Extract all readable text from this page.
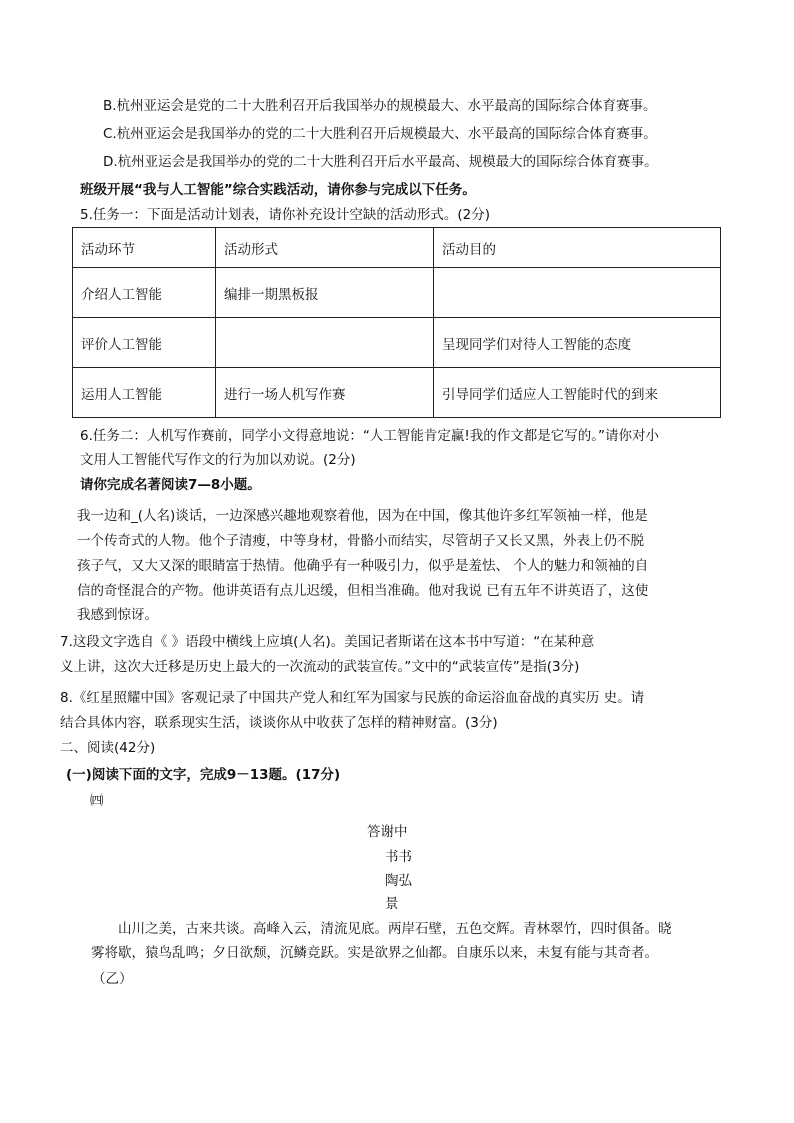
B.杭州亚运会是党的二十大胜利召开后我国举办的规模最大、水平最高的国际综合体育赛事。
C.杭州亚运会是我国举办的党的二十大胜利召开后规模最大、水平最高的国际综合体育赛事。
D.杭州亚运会是我国举办的党的二十大胜利召开后水平最高、规模最大的国际综合体育赛事。
班级开展“我与人工智能”综合实践活动，请你参与完成以下任务。
5.任务一：下面是活动计划表，请你补充设计空缺的活动形式。(2分)
活动环节	活动形式	活动目的
介绍人工智能	编排一期黑板报	
评价人工智能		呈现同学们对待人工智能的态度
运用人工智能	进行一场人机写作赛	引导同学们适应人工智能时代的到来
6.任务二：人机写作赛前，同学小文得意地说：“人工智能肯定赢!我的作文都是它写的。”请你对小
文用人工智能代写作文的行为加以劝说。(2分)
请你完成名著阅读7—8小题。
我一边和_(人名)谈话，一边深感兴趣地观察着他，因为在中国，像其他许多红军领袖一样，他是
一个传奇式的人物。他个子清瘦，中等身材，骨骼小而结实，尽管胡子又长又黑，外表上仍不脱
孩子气，又大又深的眼睛富于热情。他确乎有一种吸引力，似乎是羞怯、 个人的魅力和领袖的自
信的奇怪混合的产物。他讲英语有点儿迟缓，但相当准确。他对我说 已有五年不讲英语了，这使
我感到惊讶。
7.这段文字选自《 》语段中横线上应填(人名)。美国记者斯诺在这本书中写道：“在某种意
义上讲，这次大迁移是历史上最大的一次流动的武装宣传。”文中的“武装宣传”是指(3分)
8.《红星照耀中国》客观记录了中国共产党人和红军为国家与民族的命运浴血奋战的真实历 史。请
结合具体内容，联系现实生活，谈谈你从中收获了怎样的精神财富。(3分)
二、阅读(42分)
(一)阅读下面的文字，完成9－13题。(17分)
㈣
答谢中
书书
陶弘
景
山川之美，古来共谈。高峰入云，清流见底。两岸石壁，五色交辉。青林翠竹，四时俱备。晓
雾将歇，猿鸟乱鸣；夕日欲颓，沉鳞竞跃。实是欲界之仙都。自康乐以来，未复有能与其奇者。
（乙）
